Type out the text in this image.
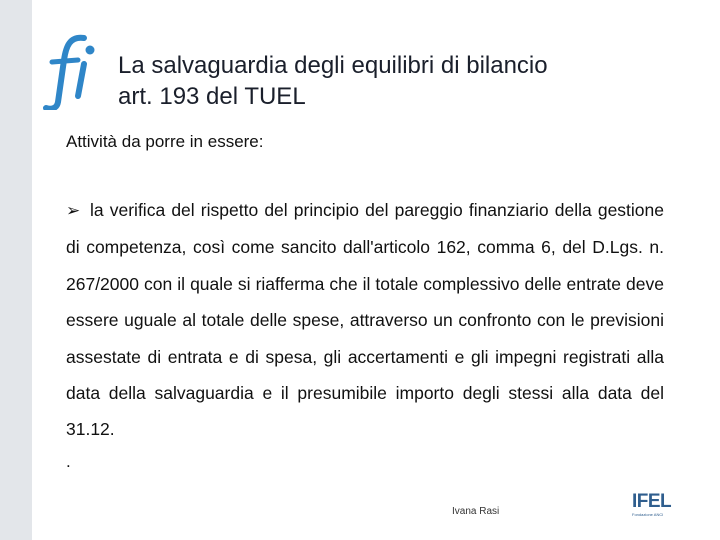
La salvaguardia degli equilibri di bilancio
art. 193 del TUEL
Attività da porre in essere:
➢ la verifica del rispetto del principio del pareggio finanziario della gestione di competenza, così come sancito dall'articolo 162, comma 6, del D.Lgs. n. 267/2000 con il quale si riafferma che il totale complessivo delle entrate deve essere uguale al totale delle spese, attraverso un confronto con le previsioni assestate di entrata e di spesa, gli accertamenti e gli impegni registrati alla data della salvaguardia e il presumibile importo degli stessi alla data del 31.12.
.
Ivana Rasi	IFEL
Fondazione ANCI
